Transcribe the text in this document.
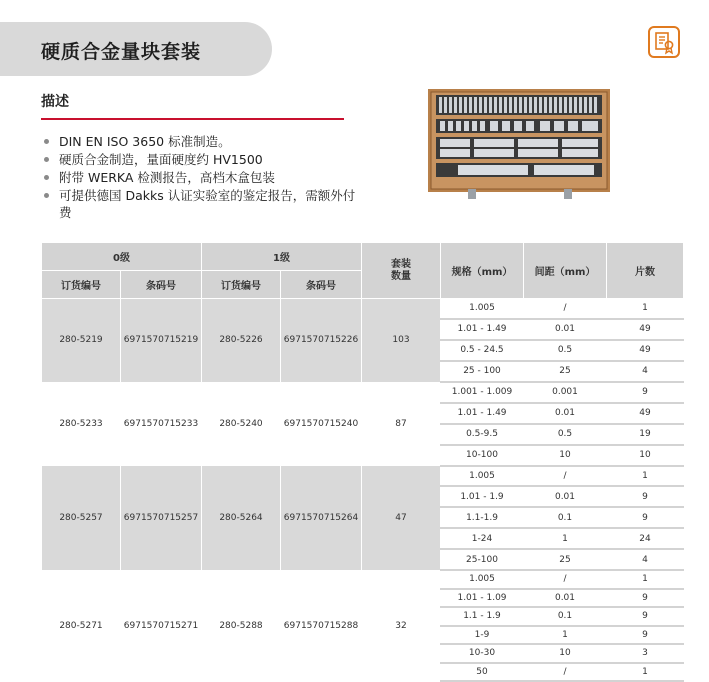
硬质合金量块套装
描述
DIN EN ISO 3650 标准制造。
硬质合金制造，量面硬度约 HV1500
附带 WERKA 检测报告，高档木盒包装
可提供德国 Dakks 认证实验室的鉴定报告，需额外付费
0级		1级		套装数量	规格（mm）	间距（mm）	片数
订货编号	条码号	订货编号	条码号				
280-5219	6971570715219	280-5226	6971570715226	103	1.005	/	1
					1.01 - 1.49	0.01	49
					0.5 - 24.5	0.5	49
					25 - 100	25	4
280-5233	6971570715233	280-5240	6971570715240	87	1.001 - 1.009	0.001	9
					1.01 - 1.49	0.01	49
					0.5-9.5	0.5	19
					10-100	10	10
280-5257	6971570715257	280-5264	6971570715264	47	1.005	/	1
					1.01 - 1.9	0.01	9
					1.1-1.9	0.1	9
					1-24	1	24
					25-100	25	4
280-5271	6971570715271	280-5288	6971570715288	32	1.005	/	1
					1.01 - 1.09	0.01	9
					1.1 - 1.9	0.1	9
					1-9	1	9
					10-30	10	3
					50	/	1
